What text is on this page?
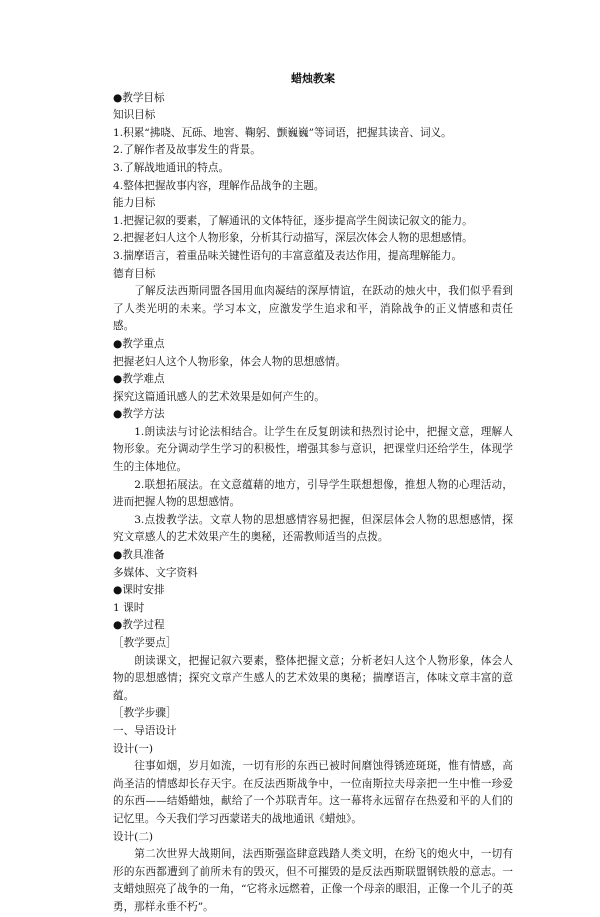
蜡烛教案
●教学目标
知识目标
1.积累“拂晓、瓦砾、地窖、鞠躬、颤巍巍”等词语，把握其读音、词义。
2.了解作者及故事发生的背景。
3.了解战地通讯的特点。
4.整体把握故事内容，理解作品战争的主题。
能力目标
1.把握记叙的要素，了解通讯的文体特征，逐步提高学生阅读记叙文的能力。
2.把握老妇人这个人物形象，分析其行动描写，深层次体会人物的思想感情。
3.揣摩语言，着重品味关键性语句的丰富意蕴及表达作用，提高理解能力。
德育目标
了解反法西斯同盟各国用血肉凝结的深厚情谊，在跃动的烛火中，我们似乎看到了人类光明的未来。学习本文，应激发学生追求和平，消除战争的正义情感和责任感。
●教学重点
把握老妇人这个人物形象，体会人物的思想感情。
●教学难点
探究这篇通讯感人的艺术效果是如何产生的。
●教学方法
1.朗读法与讨论法相结合。让学生在反复朗读和热烈讨论中，把握文意，理解人物形象。充分调动学生学习的积极性，增强其参与意识，把课堂归还给学生，体现学生的主体地位。
2.联想拓展法。在文意蕴藉的地方，引导学生联想想像，推想人物的心理活动，进而把握人物的思想感情。
3.点拨教学法。文章人物的思想感情容易把握，但深层体会人物的思想感情，探究文章感人的艺术效果产生的奥秘，还需教师适当的点拨。
●教具准备
多媒体、文字资料
●课时安排
1 课时
●教学过程
［教学要点］
朗读课文，把握记叙六要素，整体把握文意；分析老妇人这个人物形象，体会人物的思想感情；探究文章产生感人的艺术效果的奥秘；揣摩语言，体味文章丰富的意蕴。
［教学步骤］
一、导语设计
设计(一)
往事如烟，岁月如流，一切有形的东西已被时间磨蚀得锈迹斑斑，惟有情感，高尚圣洁的情感却长存天宇。在反法西斯战争中，一位南斯拉夫母亲把一生中惟一珍爱的东西——结婚蜡烛，献给了一个苏联青年。这一幕将永远留存在热爱和平的人们的记忆里。今天我们学习西蒙诺夫的战地通讯《蜡烛》。
设计(二)
第二次世界大战期间，法西斯强盗肆意践踏人类文明，在纷飞的炮火中，一切有形的东西都遭到了前所未有的毁灭，但不可摧毁的是反法西斯联盟钢铁般的意志。一支蜡烛照亮了战争的一角，“它将永远燃着，正像一个母亲的眼泪，正像一个儿子的英勇，那样永垂不朽”。
